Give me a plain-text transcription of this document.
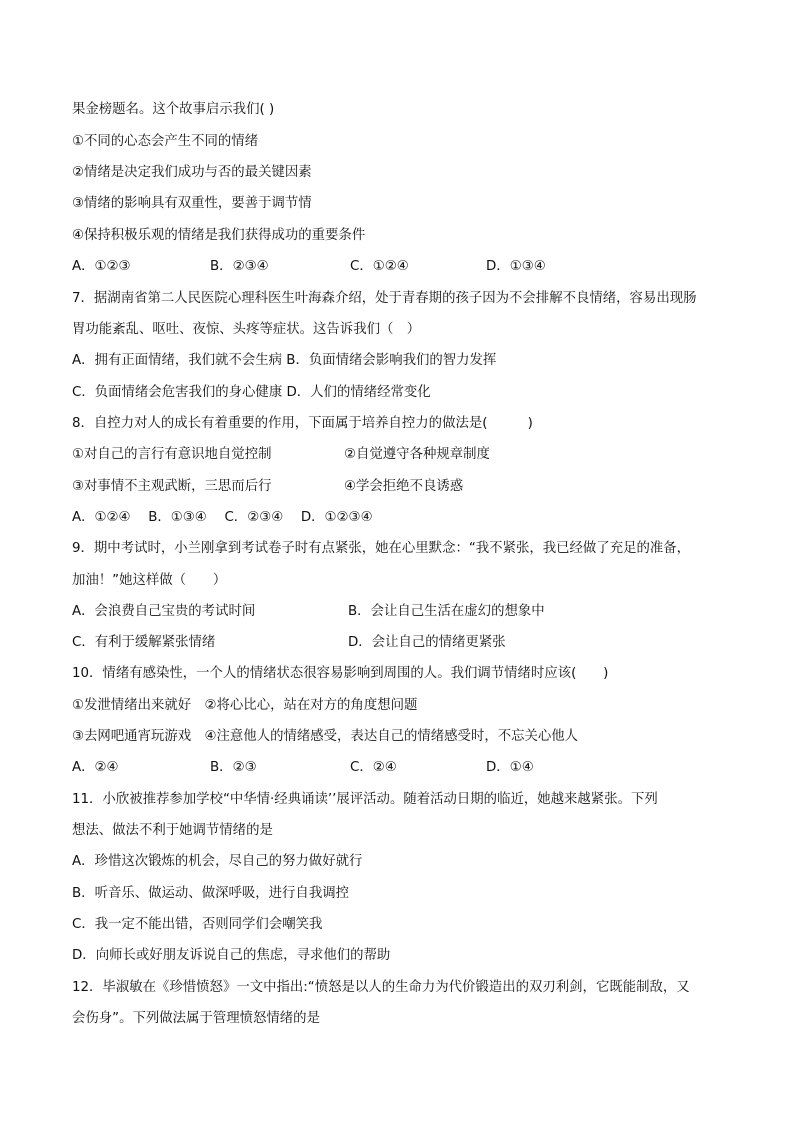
果金榜题名。这个故事启示我们( )
①不同的心态会产生不同的情绪
②情绪是决定我们成功与否的最关键因素
③情绪的影响具有双重性，要善于调节情
④保持积极乐观的情绪是我们获得成功的重要条件
A．①②③	B．②③④	C．①②④	D．①③④
7．据湖南省第二人民医院心理科医生叶海森介绍，处于青春期的孩子因为不会排解不良情绪，容易出现肠
胃功能紊乱、呕吐、夜惊、头疼等症状。这告诉我们（　）
A．拥有正面情绪，我们就不会生病 B．负面情绪会影响我们的智力发挥
C．负面情绪会危害我们的身心健康 D．人们的情绪经常变化
8．自控力对人的成长有着重要的作用，下面属于培养自控力的做法是(　　　)
①对自己的言行有意识地自觉控制	②自觉遵守各种规章制度
③对事情不主观武断，三思而后行	④学会拒绝不良诱惑
A．①②④　 B．①③④　 C．②③④　 D．①②③④
9．期中考试时，小兰刚拿到考试卷子时有点紧张，她在心里默念：“我不紧张，我已经做了充足的准备，
加油！”她这样做（　　）
A．会浪费自己宝贵的考试时间	B．会让自己生活在虚幻的想象中
C．有利于缓解紧张情绪	D．会让自己的情绪更紧张
10．情绪有感染性，一个人的情绪状态很容易影响到周围的人。我们调节情绪时应该(　　)
①发泄情绪出来就好　②将心比心，站在对方的角度想问题
③去网吧通宵玩游戏　④注意他人的情绪感受，表达自己的情绪感受时，不忘关心他人
A．②④	B．②③	C．②④	D．①④
11．小欣被推荐参加学校“中华情·经典诵读’’展评活动。随着活动日期的临近，她越来越紧张。下列
想法、做法不利于她调节情绪的是
A．珍惜这次锻炼的机会，尽自己的努力做好就行
B．听音乐、做运动、做深呼吸，进行自我调控
C．我一定不能出错，否则同学们会嘲笑我
D．向师长或好朋友诉说自己的焦虑，寻求他们的帮助
12．毕淑敏在《珍惜愤怒》一文中指出:“愤怒是以人的生命力为代价锻造出的双刃利剑，它既能制敌，又
会伤身”。下列做法属于管理愤怒情绪的是
